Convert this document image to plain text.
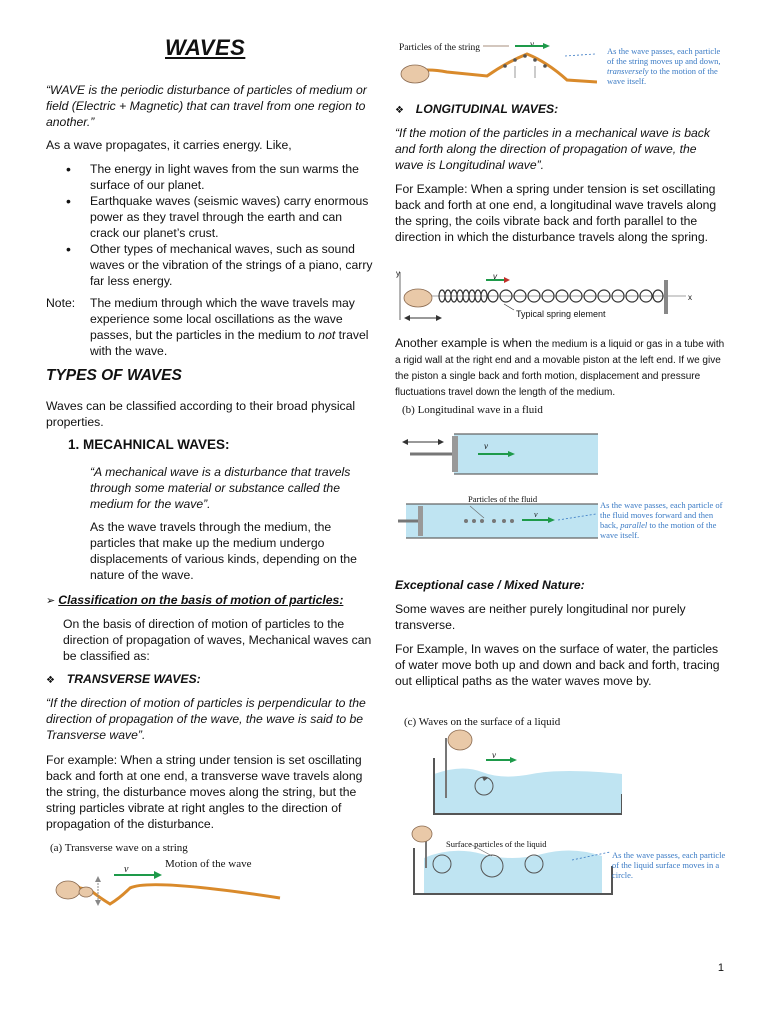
WAVES

“WAVE is the periodic disturbance of particles of medium or field (Electric + Magnetic) that can travel from one region to another.”

As a wave propagates, it carries energy. Like,

• The energy in light waves from the sun warms the surface of our planet.
• Earthquake waves (seismic waves) carry enormous power as they travel through the earth and can crack our planet’s crust.
• Other types of mechanical waves, such as sound waves or the vibration of the strings of a piano, carry far less energy.
Note: The medium through which the wave travels may experience some local oscillations as the wave passes, but the particles in the medium to not travel with the wave.

TYPES OF WAVES

Waves can be classified according to their broad physical properties.

1. MECAHNICAL WAVES:

“A mechanical wave is a disturbance that travels through some material or substance called the medium for the wave”.

As the wave travels through the medium, the particles that make up the medium undergo displacements of various kinds, depending on the nature of the wave.

➢ Classification on the basis of motion of particles:

On the basis of direction of motion of particles to the direction of propagation of waves, Mechanical waves can be classified as:

❖ TRANSVERSE WAVES:

“If the direction of motion of particles is perpendicular to the direction of propagation of the wave, the wave is said to be Transverse wave”.

For example: When a string under tension is set oscillating back and forth at one end, a transverse wave travels along the string, the disturbance moves along the string, but the string particles vibrate at right angles to the direction of propagation of the disturbance.

(a) Transverse wave on a string
Motion of the wave
v
Particles of the string	v
As the wave passes, each particle of the string moves up and down, transversely to the motion of the wave itself.
❖ LONGITUDINAL WAVES:

“If the motion of the particles in a mechanical wave is back and forth along the direction of propagation of wave, the wave is Longitudinal wave”.

For Example: When a spring under tension is set oscillating back and forth at one end, a longitudinal wave travels along the spring, the coils vibrate back and forth parallel to the direction in which the disturbance travels along the spring.

y
x
v
Typical spring element

Another example is when the medium is a liquid or gas in a tube with a rigid wall at the right end and a movable piston at the left end. If we give the piston a single back and forth motion, displacement and pressure fluctuations travel down the length of the medium.

(b) Longitudinal wave in a fluid
v
v
Particles of the fluid
As the wave passes, each particle of the fluid moves forward and then back, parallel to the motion of the wave itself.
Exceptional case / Mixed Nature:

Some waves are neither purely longitudinal nor purely transverse.

For Example, In waves on the surface of water, the particles of water move both up and down and back and forth, tracing out elliptical paths as the water waves move by.

(c) Waves on the surface of a liquid
v
Surface particles of the liquid
As the wave passes, each particle of the liquid surface moves in a circle.
1
